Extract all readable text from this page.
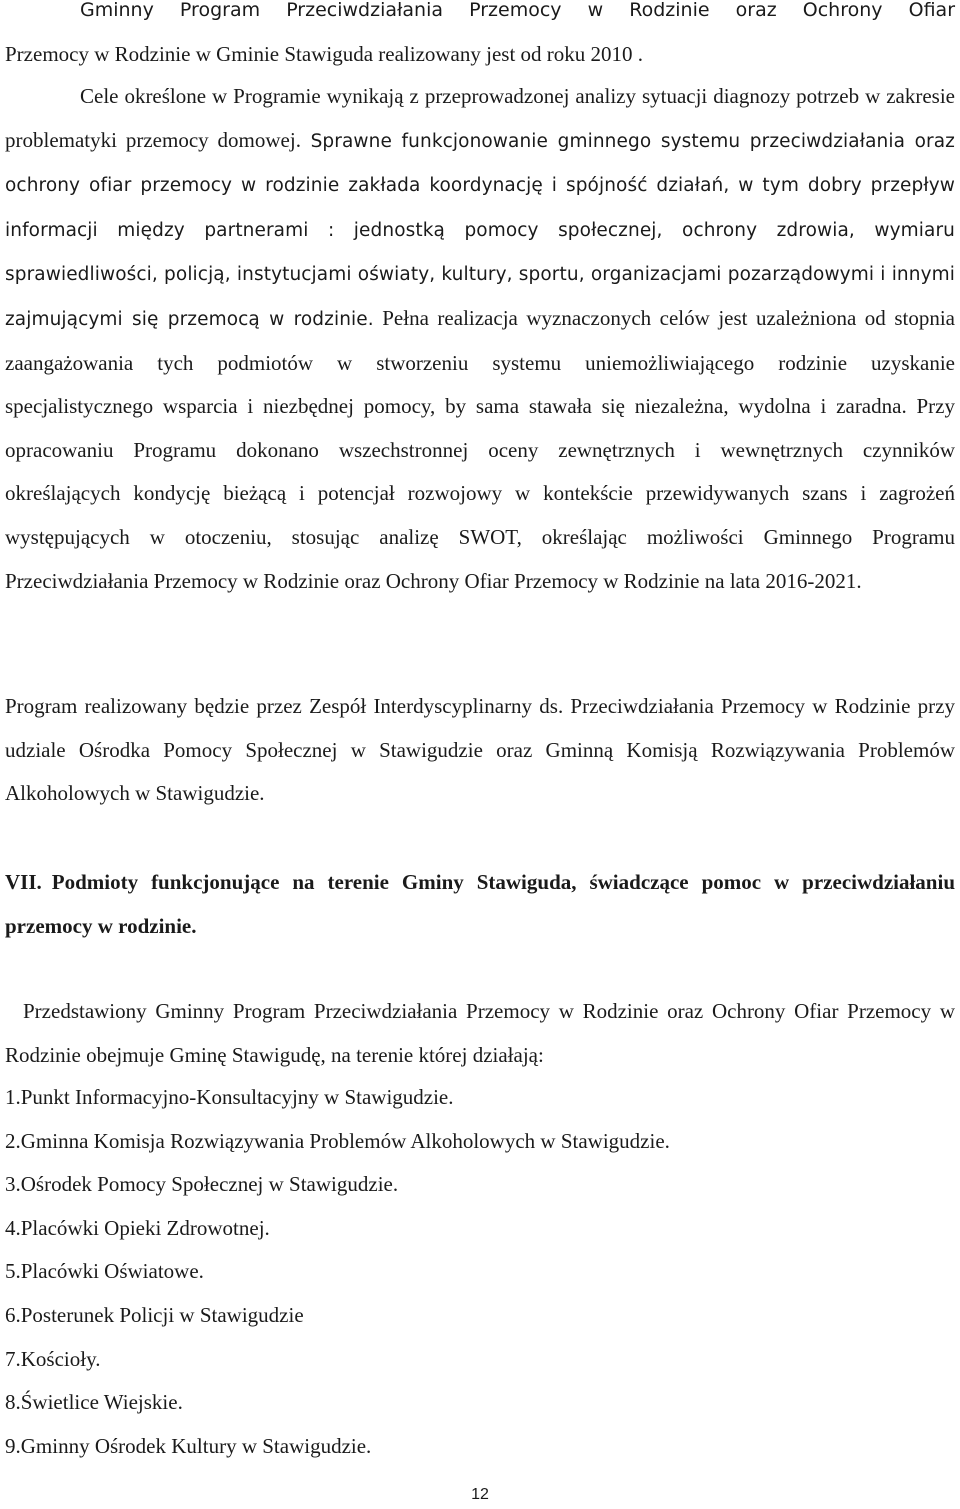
Gminny Program Przeciwdziałania Przemocy w Rodzinie oraz Ochrony Ofiar
Przemocy w Rodzinie w Gminie Stawiguda realizowany jest od roku 2010 .

Cele określone w Programie wynikają z przeprowadzonej analizy sytuacji diagnozy potrzeb w zakresie problematyki przemocy domowej. Sprawne funkcjonowanie gminnego systemu przeciwdziałania oraz ochrony ofiar przemocy w rodzinie zakłada koordynację i spójność działań, w tym dobry przepływ informacji między partnerami : jednostką pomocy społecznej, ochrony zdrowia, wymiaru sprawiedliwości, policją, instytucjami oświaty, kultury, sportu, organizacjami pozarządowymi i innymi zajmującymi się przemocą w rodzinie. Pełna realizacja wyznaczonych celów jest uzależniona od stopnia zaangażowania tych podmiotów w stworzeniu systemu uniemożliwiającego rodzinie uzyskanie specjalistycznego wsparcia i niezbędnej pomocy, by sama stawała się niezależna, wydolna i zaradna. Przy opracowaniu Programu dokonano wszechstronnej oceny zewnętrznych i wewnętrznych czynników określających kondycję bieżącą i potencjał rozwojowy w kontekście przewidywanych szans i zagrożeń występujących w otoczeniu, stosując analizę SWOT, określając możliwości Gminnego Programu Przeciwdziałania Przemocy w Rodzinie oraz Ochrony Ofiar Przemocy w Rodzinie na lata 2016-2021.

Program realizowany będzie przez Zespół Interdyscyplinarny ds. Przeciwdziałania Przemocy w Rodzinie przy udziale Ośrodka Pomocy Społecznej w Stawigudzie oraz Gminną Komisją Rozwiązywania Problemów Alkoholowych w Stawigudzie.

VII. Podmioty funkcjonujące na terenie Gminy Stawiguda, świadczące pomoc w przeciwdziałaniu przemocy w rodzinie.

Przedstawiony Gminny Program Przeciwdziałania Przemocy w Rodzinie oraz Ochrony Ofiar Przemocy w Rodzinie obejmuje Gminę Stawigudę, na terenie której działają:

1. Punkt Informacyjno-Konsultacyjny w Stawigudzie.
2. Gminna Komisja Rozwiązywania Problemów Alkoholowych w Stawigudzie.
3. Ośrodek Pomocy Społecznej w Stawigudzie.
4. Placówki Opieki Zdrowotnej.
5. Placówki Oświatowe.
6. Posterunek Policji w Stawigudzie
7. Kościoły.
8. Świetlice Wiejskie.
9. Gminny Ośrodek Kultury w Stawigudzie.
12
